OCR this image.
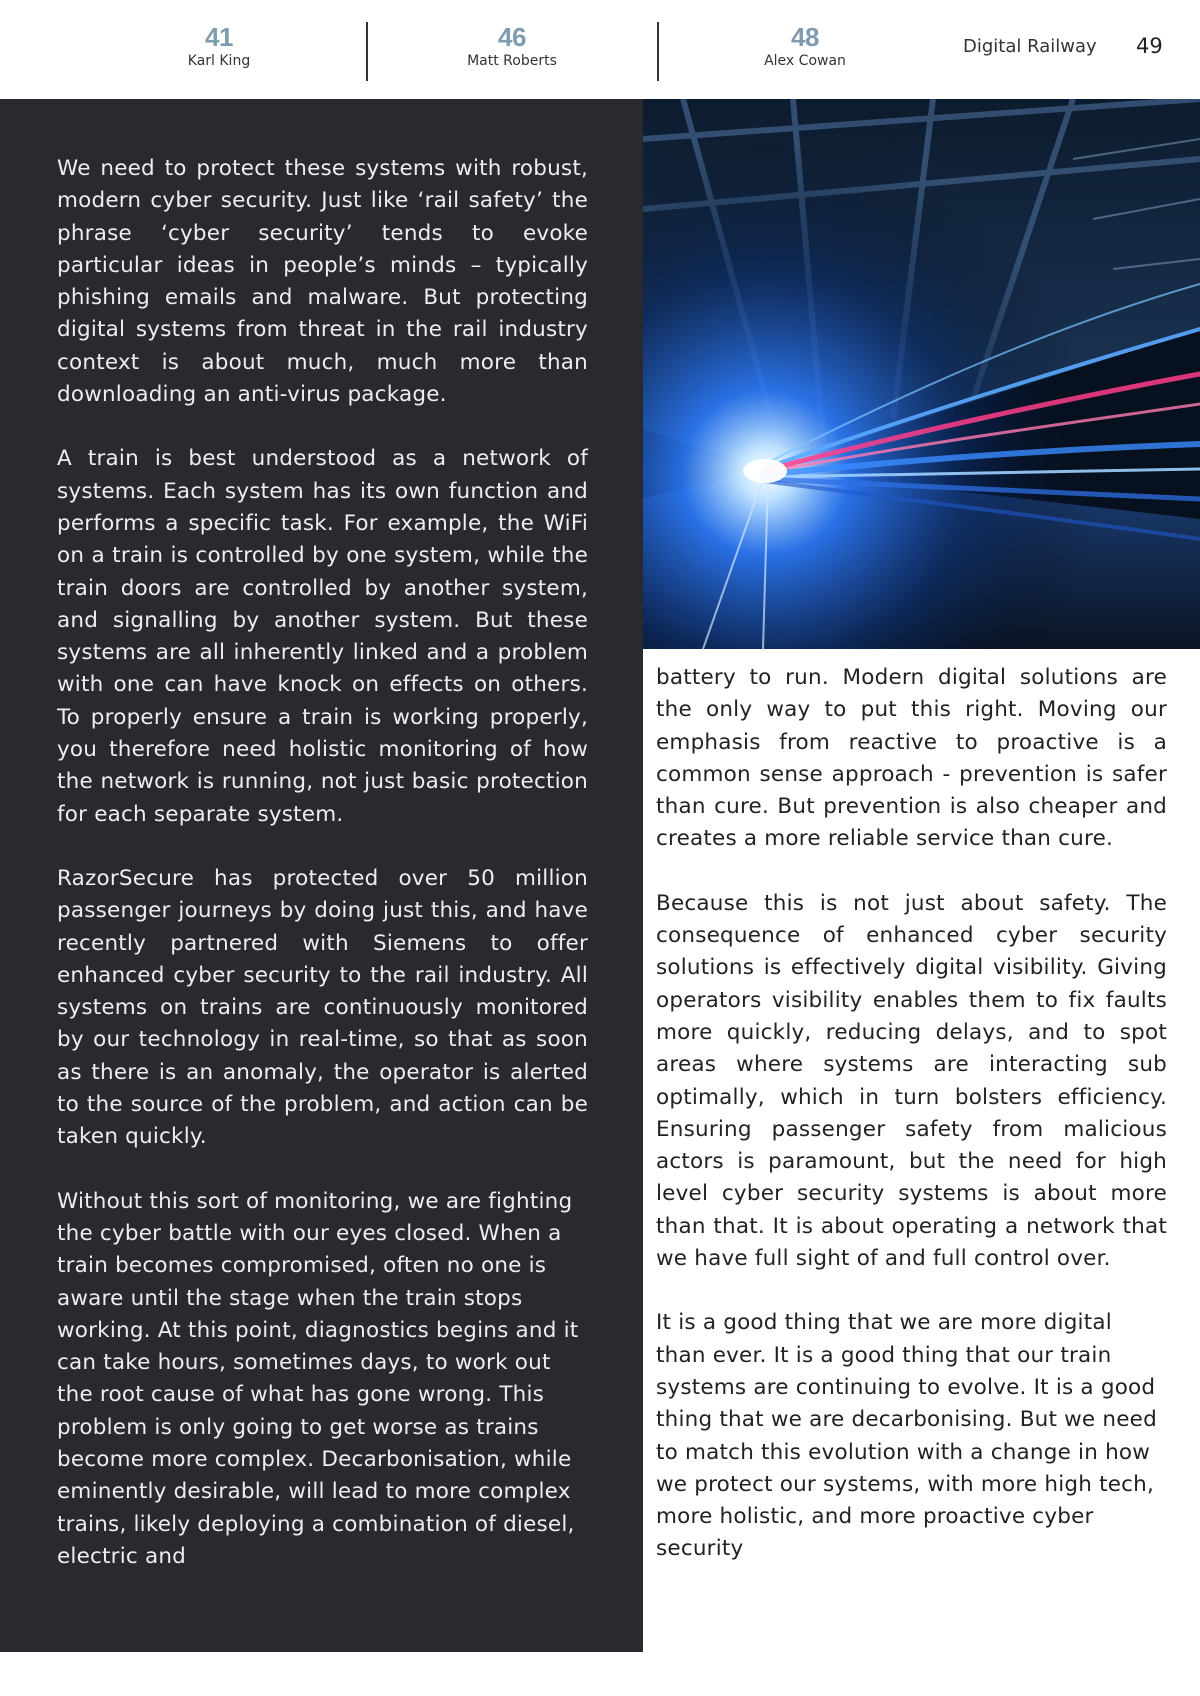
41
Karl King
46
Matt Roberts
48
Alex Cowan
Digital Railway 49

We need to protect these systems with robust, modern cyber security. Just like ‘rail safety’ the phrase ‘cyber security’ tends to evoke particular ideas in people’s minds – typically phishing emails and malware. But protecting digital systems from threat in the rail industry context is about much, much more than downloading an anti-virus package.

A train is best understood as a network of systems. Each system has its own function and performs a specific task. For example, the WiFi on a train is controlled by one system, while the train doors are controlled by another system, and signalling by another system. But these systems are all inherently linked and a problem with one can have knock on effects on others. To properly ensure a train is working properly, you therefore need holistic monitoring of how the network is running, not just basic protection for each separate system.

RazorSecure has protected over 50 million passenger journeys by doing just this, and have recently partnered with Siemens to offer enhanced cyber security to the rail industry. All systems on trains are continuously monitored by our technology in real-time, so that as soon as there is an anomaly, the operator is alerted to the source of the problem, and action can be taken quickly.

Without this sort of monitoring, we are fighting the cyber battle with our eyes closed. When a train becomes compromised, often no one is aware until the stage when the train stops working. At this point, diagnostics begins and it can take hours, sometimes days, to work out the root cause of what has gone wrong. This problem is only going to get worse as trains become more complex. Decarbonisation, while eminently desirable, will lead to more complex trains, likely deploying a combination of diesel, electric and

battery to run. Modern digital solutions are the only way to put this right. Moving our emphasis from reactive to proactive is a common sense approach - prevention is safer than cure. But prevention is also cheaper and creates a more reliable service than cure.

Because this is not just about safety. The consequence of enhanced cyber security solutions is effectively digital visibility. Giving operators visibility enables them to fix faults more quickly, reducing delays, and to spot areas where systems are interacting sub optimally, which in turn bolsters efficiency. Ensuring passenger safety from malicious actors is paramount, but the need for high level cyber security systems is about more than that. It is about operating a network that we have full sight of and full control over.

It is a good thing that we are more digital than ever. It is a good thing that our train systems are continuing to evolve. It is a good thing that we are decarbonising. But we need to match this evolution with a change in how we protect our systems, with more high tech, more holistic, and more proactive cyber security
